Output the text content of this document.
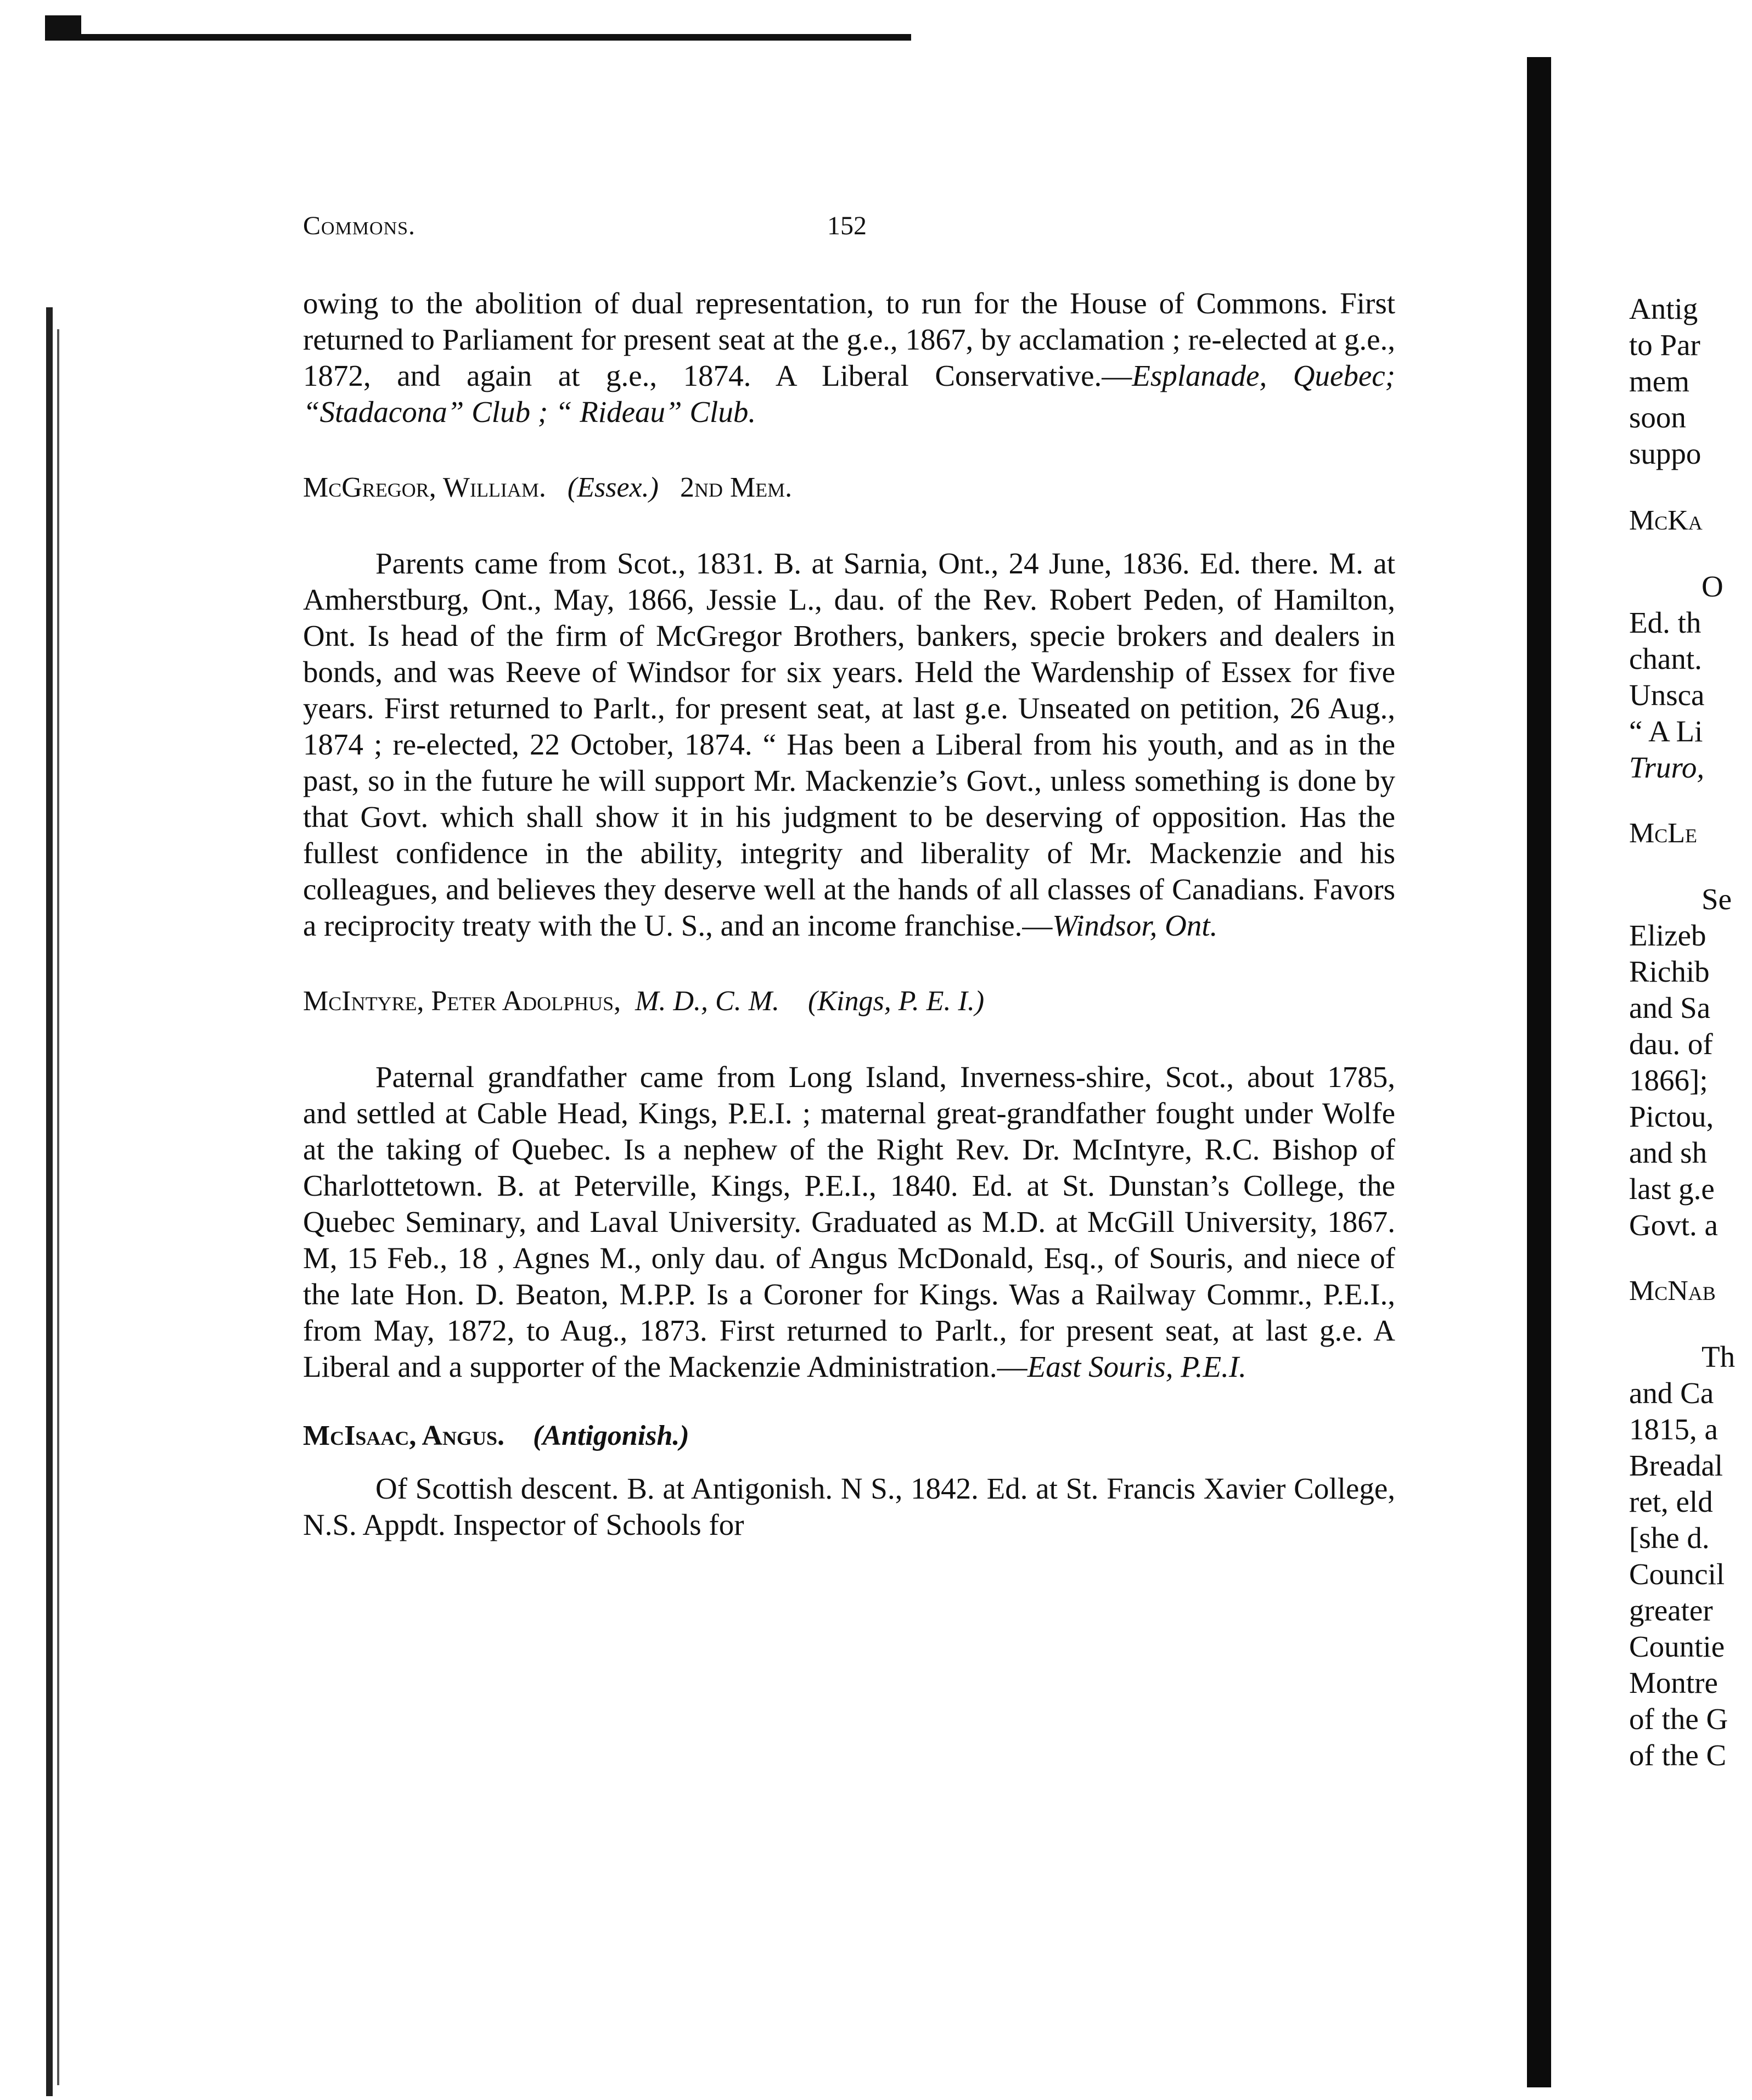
Commons.	152

owing to the abolition of dual representation, to run for the House of Commons. First returned to Parliament for present seat at the g.e., 1867, by acclamation ; re-elected at g.e., 1872, and again at g.e., 1874. A Liberal Conservative.—Esplanade, Quebec; “Stadacona” Club ; “ Rideau” Club.

McGregor, William. (Essex.) 2nd Mem.

Parents came from Scot., 1831. B. at Sarnia, Ont., 24 June, 1836. Ed. there. M. at Amherstburg, Ont., May, 1866, Jessie L., dau. of the Rev. Robert Peden, of Hamilton, Ont. Is head of the firm of McGregor Brothers, bankers, specie brokers and dealers in bonds, and was Reeve of Windsor for six years. Held the Wardenship of Essex for five years. First returned to Parlt., for present seat, at last g.e. Unseated on petition, 26 Aug., 1874 ; re-elected, 22 October, 1874. “ Has been a Liberal from his youth, and as in the past, so in the future he will support Mr. Mackenzie’s Govt., unless something is done by that Govt. which shall show it in his judgment to be deserving of opposition. Has the fullest confidence in the ability, integrity and liberality of Mr. Mackenzie and his colleagues, and believes they deserve well at the hands of all classes of Canadians. Favors a reciprocity treaty with the U. S., and an income franchise.—Windsor, Ont.

McIntyre, Peter Adolphus, M. D., C. M. (Kings, P. E. I.)

Paternal grandfather came from Long Island, Inverness-shire, Scot., about 1785, and settled at Cable Head, Kings, P.E.I. ; maternal great-grandfather fought under Wolfe at the taking of Quebec. Is a nephew of the Right Rev. Dr. McIntyre, R.C. Bishop of Charlottetown. B. at Peterville, Kings, P.E.I., 1840. Ed. at St. Dunstan’s College, the Quebec Seminary, and Laval University. Graduated as M.D. at McGill University, 1867. M, 15 Feb., 18 , Agnes M., only dau. of Angus McDonald, Esq., of Souris, and niece of the late Hon. D. Beaton, M.P.P. Is a Coroner for Kings. Was a Railway Commr., P.E.I., from May, 1872, to Aug., 1873. First returned to Parlt., for present seat, at last g.e. A Liberal and a supporter of the Mackenzie Administration.—East Souris, P.E.I.

McIsaac, Angus. (Antigonish.)

Of Scottish descent. B. at Antigonish. N S., 1842. Ed. at St. Francis Xavier College, N.S. Appdt. Inspector of Schools for

Antig
to Par
mem
soon
suppo
McKa
O
Ed. th
chant.
Unsca
“ A Li
Truro,
McLe
Se
Elizeb
Richib
and Sa
dau. of
1866];
Pictou,
and sh
last g.e
Govt. a
McNab
Th
and Ca
1815, a
Breadal
ret, eld
[she d.
Council
greater
Countie
Montre
of the G
of the C
